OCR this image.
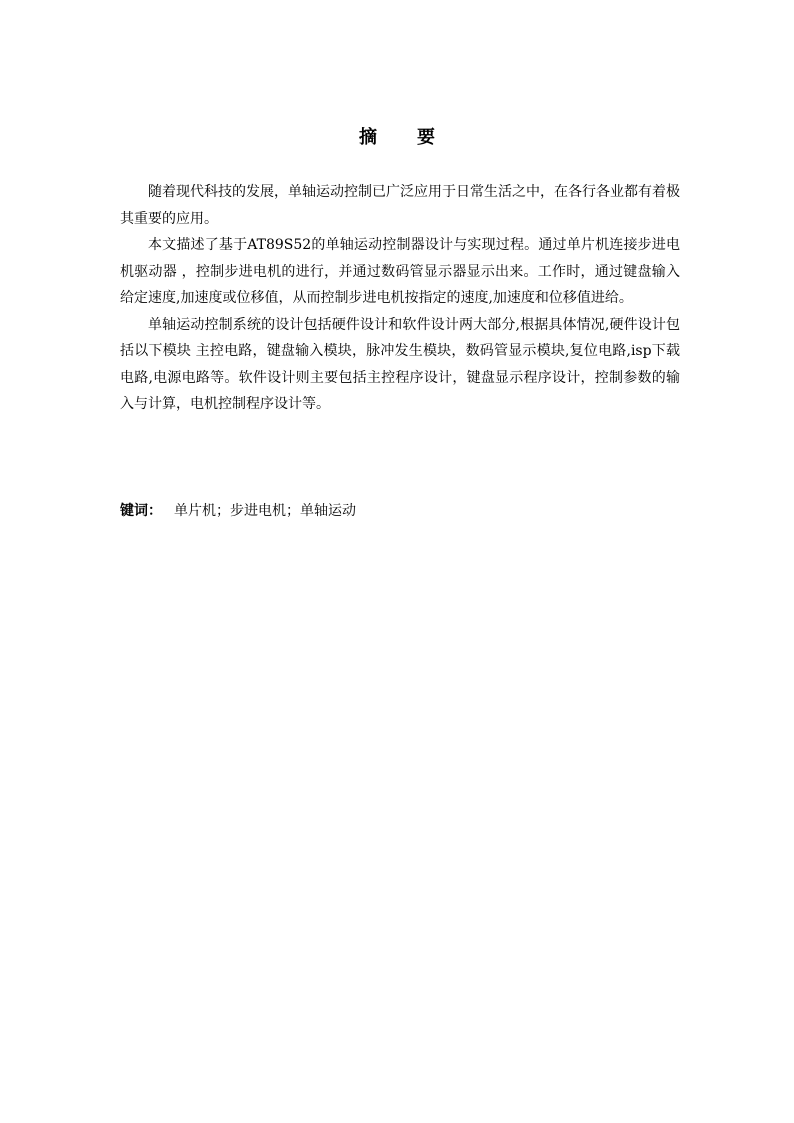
摘 要

随着现代科技的发展，单轴运动控制已广泛应用于日常生活之中，在各行各业都有着极其重要的应用。

本文描述了基于AT89S52的单轴运动控制器设计与实现过程。通过单片机连接步进电机驱动器 ，控制步进电机的进行，并通过数码管显示器显示出来。工作时，通过键盘输入给定速度,加速度或位移值，从而控制步进电机按指定的速度,加速度和位移值进给。

单轴运动控制系统的设计包括硬件设计和软件设计两大部分,根据具体情况,硬件设计包括以下模块 主控电路，键盘输入模块，脉冲发生模块，数码管显示模块,复位电路,isp下载电路,电源电路等。软件设计则主要包括主控程序设计，键盘显示程序设计，控制参数的输入与计算，电机控制程序设计等。

键词： 单片机；步进电机；单轴运动
